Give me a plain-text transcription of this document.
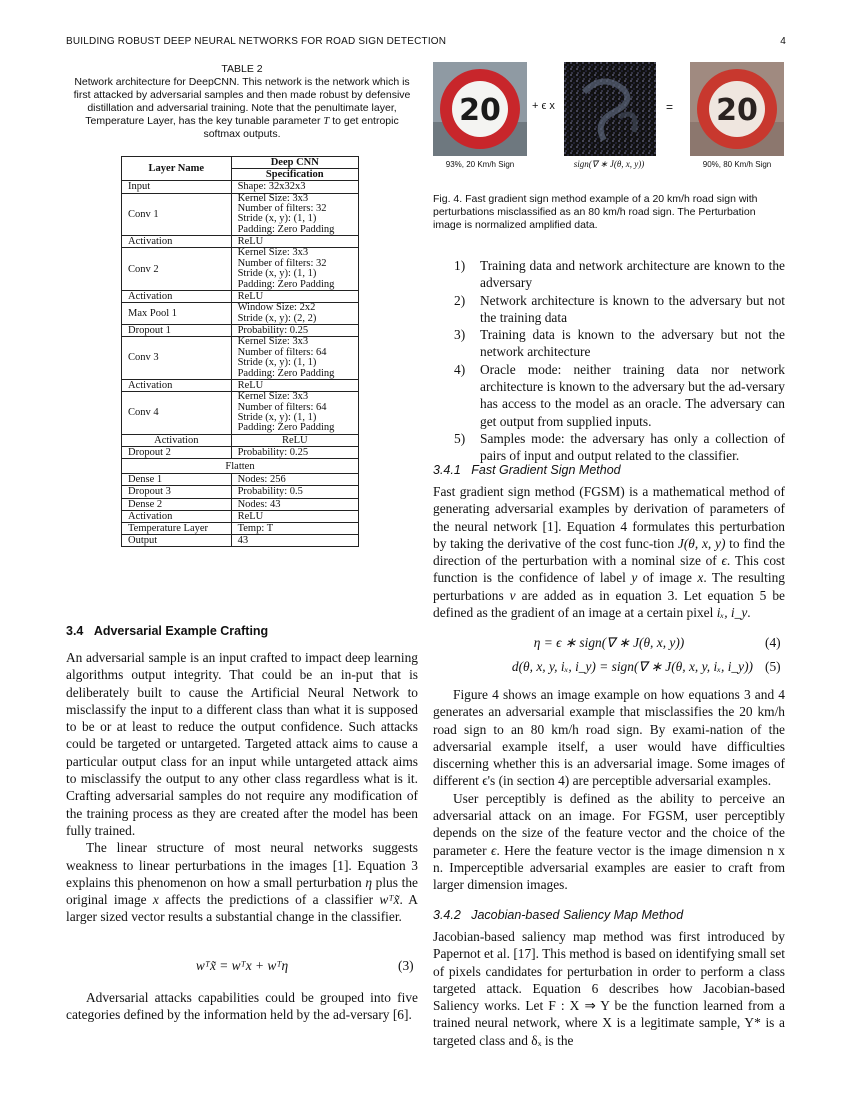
BUILDING ROBUST DEEP NEURAL NETWORKS FOR ROAD SIGN DETECTION	4
TABLE 2
Network architecture for DeepCNN. This network is the network which is first attacked by adversarial samples and then made robust by defensive distillation and adversarial training. Note that the penultimate layer, Temperature Layer, has the key tunable parameter T to get entropic softmax outputs.
Layer Name	Deep CNN
Specification

Input	Shape: 32x32x3

Conv 1	Kernel Size: 3x3
Number of filters: 32
Stride (x, y): (1, 1)
Padding: Zero Padding

Activation	ReLU

Conv 2	Kernel Size: 3x3
Number of filters: 32
Stride (x, y): (1, 1)
Padding: Zero Padding

Activation	ReLU

Max Pool 1	Window Size: 2x2
Stride (x, y): (2, 2)

Dropout 1	Probability: 0.25

Conv 3	Kernel Size: 3x3
Number of filters: 64
Stride (x, y): (1, 1)
Padding: Zero Padding

Activation	ReLU

Conv 4	Kernel Size: 3x3
Number of filters: 64
Stride (x, y): (1, 1)
Padding: Zero Padding

Activation	ReLU
Dropout 2	Probability: 0.25
Flatten	
Dense 1	Nodes: 256
Dropout 3	Probability: 0.5
Dense 2	Nodes: 43
Activation	ReLU
Temperature Layer	Temp: T
Output	43
3.4 Adversarial Example Crafting

An adversarial sample is an input crafted to impact deep learning algorithms output integrity. That could be an in-put that is deliberately built to cause the Artificial Neural Network to misclassify the input to a different class than what it is supposed to be or at least to reduce the output confidence. Such attacks could be targeted or untargeted. Targeted attack aims to cause a particular output class for an input while untargeted attack aims to misclassify the output to any other class regardless what is it. Crafting adversarial samples do not require any modification of the training process as they are created after the model has been fully trained.

The linear structure of most neural networks suggests weakness to linear perturbations in the images [1]. Equation 3 explains this phenomenon on how a small perturbation η plus the original image x affects the predictions of a classifier wᵀx̃. A larger sized vector results a substantial change in the classifier.

wᵀx̃ = wᵀx + wᵀη	(3)

Adversarial attacks capabilities could be grouped into five categories defined by the information held by the ad-versary [6].

20	+ ϵ x	= 20
93%, 20 Km/h Sign	sign(∇ ∗ J(θ, x, y))	90%, 80 Km/h Sign
Fig. 4. Fast gradient sign method example of a 20 km/h road sign with perturbations misclassified as an 80 km/h road sign. The Perturbation image is normalized amplified data.
1) Training data and network architecture are known to the adversary
2) Network architecture is known to the adversary but not the training data
3) Training data is known to the adversary but not the network architecture
4) Oracle mode: neither training data nor network architecture is known to the adversary but the ad-versary has access to the model as an oracle. The adversary can get output from supplied inputs.
5) Samples mode: the adversary has only a collection of pairs of input and output related to the classifier.
3.4.1 Fast Gradient Sign Method

Fast gradient sign method (FGSM) is a mathematical method of generating adversarial examples by derivation of parameters of the neural network [1]. Equation 4 formulates this perturbation by taking the derivative of the cost func-tion J(θ, x, y) to find the direction of the perturbation with a nominal size of ϵ. This cost function is the confidence of label y of image x. The resulting perturbations ν are added as in equation 3. Let equation 5 be defined as the gradient of an image at a certain pixel iₓ, i_y.

η = ϵ ∗ sign(∇ ∗ J(θ, x, y))	(4)
d(θ, x, y, iₓ, i_y) = sign(∇ ∗ J(θ, x, y, iₓ, i_y)) (5)

Figure 4 shows an image example on how equations 3 and 4 generates an adversarial example that misclassifies the 20 km/h road sign to an 80 km/h road sign. By exami-nation of the adversarial example itself, a user would have difficulties discerning whether this is an adversarial image. Some images of different ϵ's (in section 4) are perceptible adversarial examples.

User perceptibly is defined as the ability to perceive an adversarial attack on an image. For FGSM, user perceptibly depends on the size of the feature vector and the choice of the parameter ϵ. Here the feature vector is the image dimension n x n. Imperceptible adversarial examples are easier to craft from larger dimension images.

3.4.2 Jacobian-based Saliency Map Method

Jacobian-based saliency map method was first introduced by Papernot et al. [17]. This method is based on identifying small set of pixels candidates for perturbation in order to perform a class targeted attack. Equation 6 describes how Jacobian-based Saliency works. Let F : X ⇒ Y be the function learned from a trained neural network, where X is a legitimate sample, Y* is a targeted class and δₓ is the
